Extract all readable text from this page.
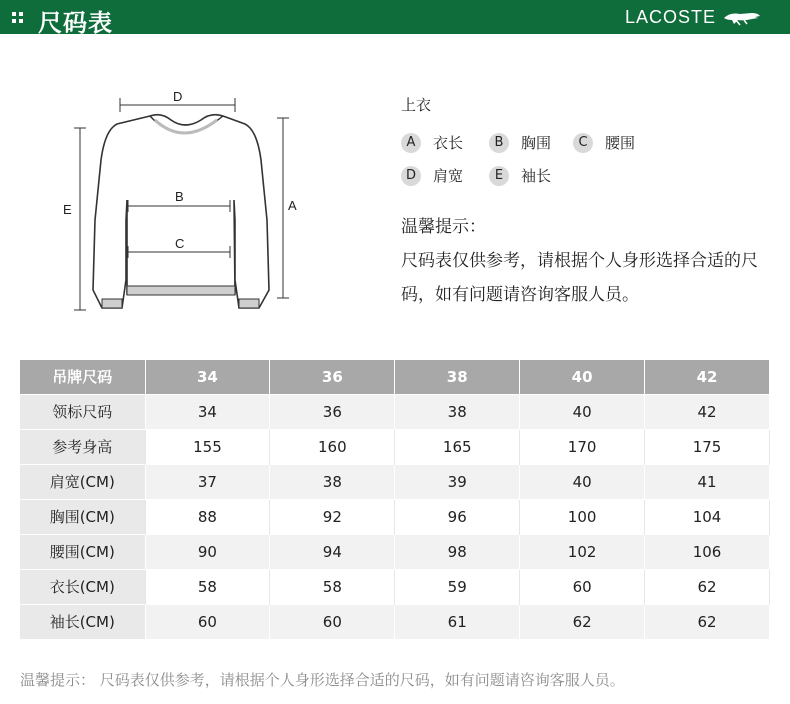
尺码表	LACOSTE
D
B
C
E	A
上衣
A	衣长	B	胸围	C	腰围
D	肩宽	E	袖长
温馨提示：
尺码表仅供参考，请根据个人身形选择合适的尺码，如有问题请咨询客服人员。
吊牌尺码	34	36	38	40	42
领标尺码	34	36	38	40	42
参考身高	155	160	165	170	175
肩宽(CM)	37	38	39	40	41
胸围(CM)	88	92	96	100	104
腰围(CM)	90	94	98	102	106
衣长(CM)	58	58	59	60	62
袖长(CM)	60	60	61	62	62
温馨提示： 尺码表仅供参考，请根据个人身形选择合适的尺码，如有问题请咨询客服人员。
